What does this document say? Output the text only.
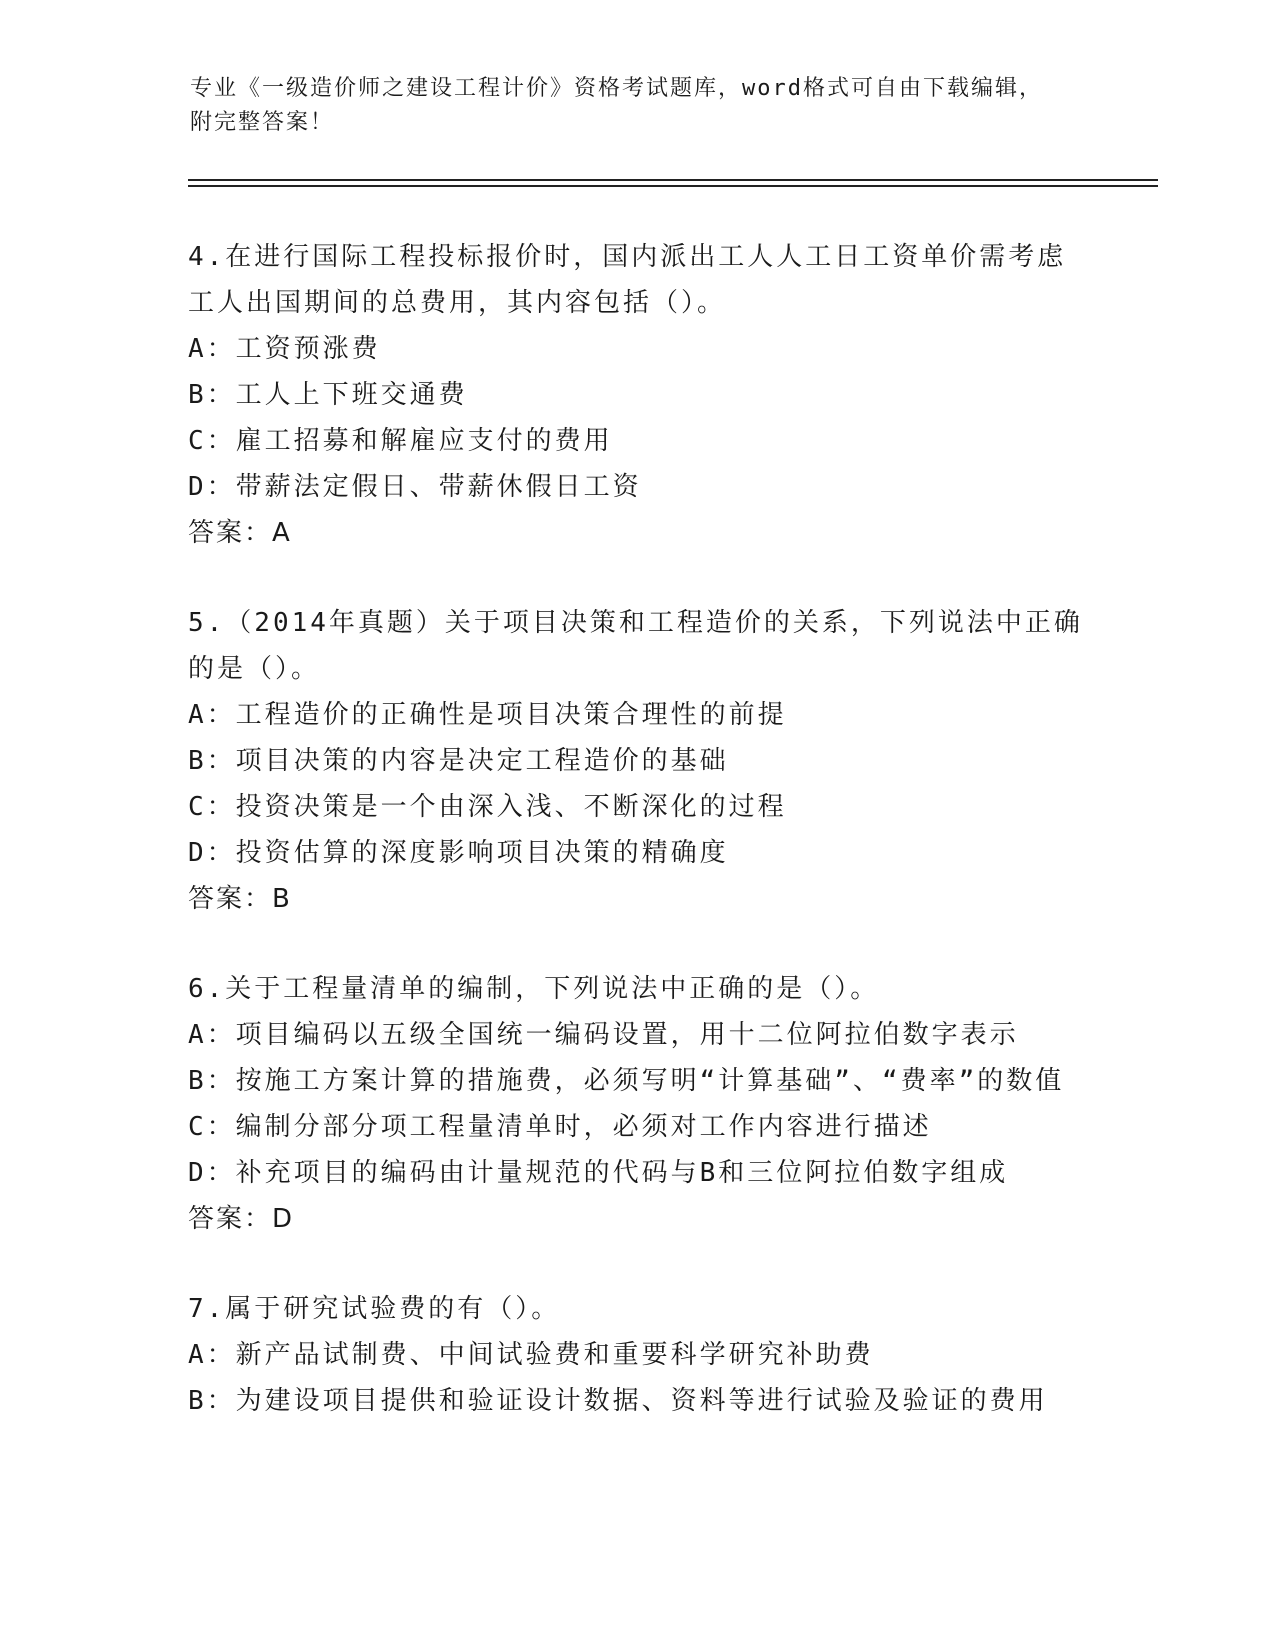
专业《一级造价师之建设工程计价》资格考试题库，word格式可自由下载编辑，
附完整答案！
4.在进行国际工程投标报价时，国内派出工人人工日工资单价需考虑
工人出国期间的总费用，其内容包括（）。
A：工资预涨费
B：工人上下班交通费
C：雇工招募和解雇应支付的费用
D：带薪法定假日、带薪休假日工资
答案：A
5.（2014年真题）关于项目决策和工程造价的关系，下列说法中正确
的是（）。
A：工程造价的正确性是项目决策合理性的前提
B：项目决策的内容是决定工程造价的基础
C：投资决策是一个由深入浅、不断深化的过程
D：投资估算的深度影响项目决策的精确度
答案：B
6.关于工程量清单的编制，下列说法中正确的是（）。
A：项目编码以五级全国统一编码设置，用十二位阿拉伯数字表示
B：按施工方案计算的措施费，必须写明“计算基础”、“费率”的数值
C：编制分部分项工程量清单时，必须对工作内容进行描述
D：补充项目的编码由计量规范的代码与B和三位阿拉伯数字组成
答案：D
7.属于研究试验费的有（）。
A：新产品试制费、中间试验费和重要科学研究补助费
B：为建设项目提供和验证设计数据、资料等进行试验及验证的费用
